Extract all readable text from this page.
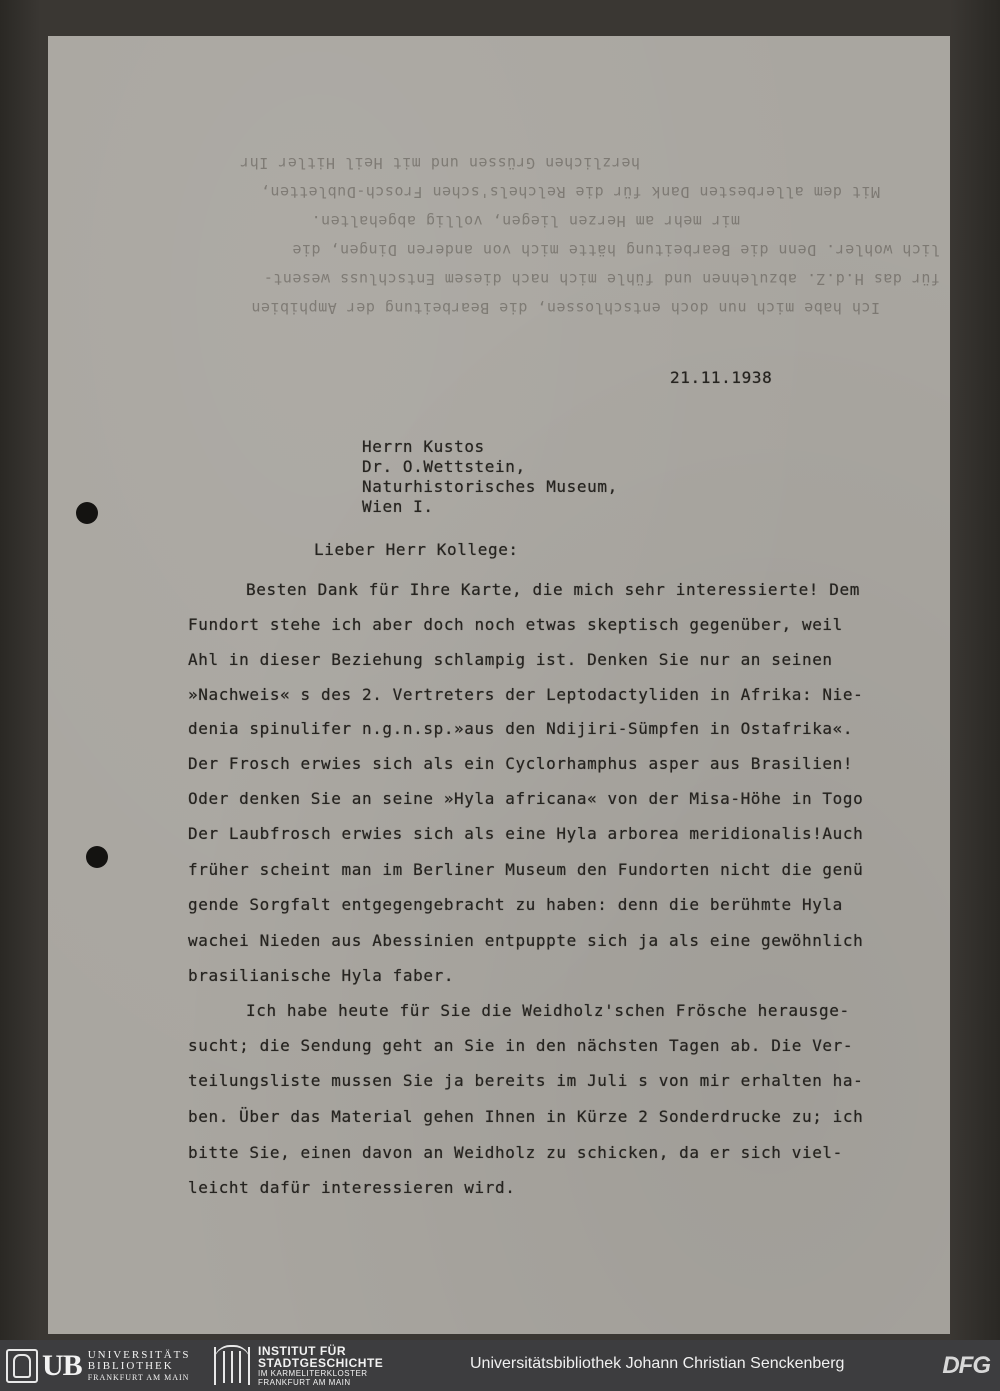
Ich habe mich nun doch entschlossen, die Bearbeitung der Amphibien
für das H.d.Z. abzulehnen und fühle mich nach diesem Entschluss wesent-
lich wohler. Denn die Bearbeitung hätte mich von anderen Dingen, die
mir mehr am Herzen liegen, vollig abgehalten.
Mit dem allerbesten Dank für die Relchels'schen Frosch-Dubletten,
herzlichen Grüssen und mit Heil Hitler Ihr
21.11.1938
Herrn Kustos
Dr. O.Wettstein,
Naturhistorisches Museum,
Wien I.
Lieber Herr Kollege:
Besten Dank für Ihre Karte, die mich sehr interessierte! Dem
Fundort stehe ich aber doch noch etwas skeptisch gegenüber, weil
Ahl in dieser Beziehung schlampig ist. Denken Sie nur an seinen
»Nachweis« s des 2. Vertreters der Leptodactyliden in Afrika: Nie-
denia spinulifer n.g.n.sp.»aus den Ndijiri-Sümpfen in Ostafrika«.
Der Frosch erwies sich als ein Cyclorhamphus asper aus Brasilien!
Oder denken Sie an seine »Hyla africana« von der Misa-Höhe in Togo
Der Laubfrosch erwies sich als eine Hyla arborea meridionalis!Auch
früher scheint man im Berliner Museum den Fundorten nicht die genü
gende Sorgfalt entgegengebracht zu haben: denn die berühmte Hyla
wachei Nieden aus Abessinien entpuppte sich ja als eine gewöhnlich
brasilianische Hyla faber.
Ich habe heute für Sie die Weidholz'schen Frösche herausge-
sucht; die Sendung geht an Sie in den nächsten Tagen ab. Die Ver-
teilungsliste mussen Sie ja bereits im Juli s von mir erhalten ha-
ben. Über das Material gehen Ihnen in Kürze 2 Sonderdrucke zu; ich
bitte Sie, einen davon an Weidholz zu schicken, da er sich viel-
leicht dafür interessieren wird.
UB UNIVERSITÄTS
BIBLIOTHEK
FRANKFURT AM MAIN
INSTITUT FÜR
STADTGESCHICHTE
IM KARMELITERKLOSTER
FRANKFURT AM MAIN
Universitätsbibliothek Johann Christian Senckenberg	DFG
